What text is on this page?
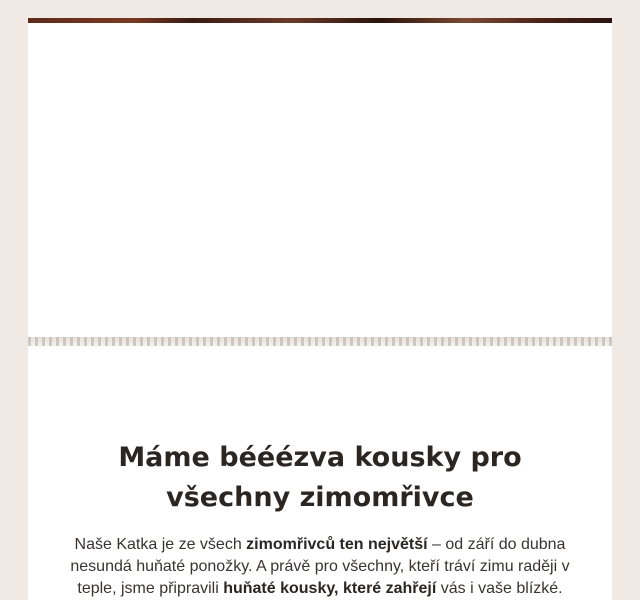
Máme bééézva kousky pro všechny zimomřivce

Naše Katka je ze všech zimomřivců ten největší – od září do dubna nesundá huňaté ponožky. A právě pro všechny, kteří tráví zimu raději v teple, jsme připravili huňaté kousky, které zahřejí vás i vaše blízké.
